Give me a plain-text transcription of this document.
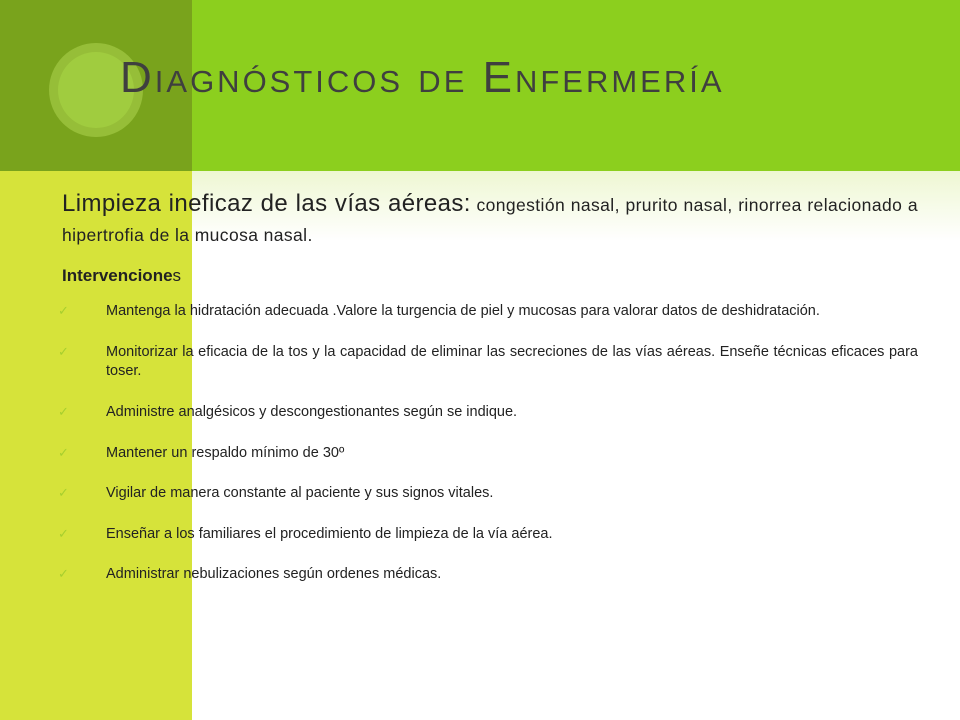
Diagnósticos de Enfermería

Limpieza ineficaz de las vías aéreas: congestión nasal, prurito nasal, rinorrea relacionado a hipertrofia de la mucosa nasal.

Intervenciones
✓	Mantenga la hidratación adecuada .Valore la turgencia de piel y mucosas para valorar datos de deshidratación.
✓	Monitorizar la eficacia de la tos y la capacidad de eliminar las secreciones de las vías aéreas. Enseñe técnicas eficaces para toser.
✓	Administre analgésicos y descongestionantes según se indique.
✓	Mantener un respaldo mínimo de 30º
✓	Vigilar de manera constante al paciente y sus signos vitales.
✓	Enseñar a los familiares el procedimiento de limpieza de la vía aérea.
✓	Administrar nebulizaciones según ordenes médicas.
